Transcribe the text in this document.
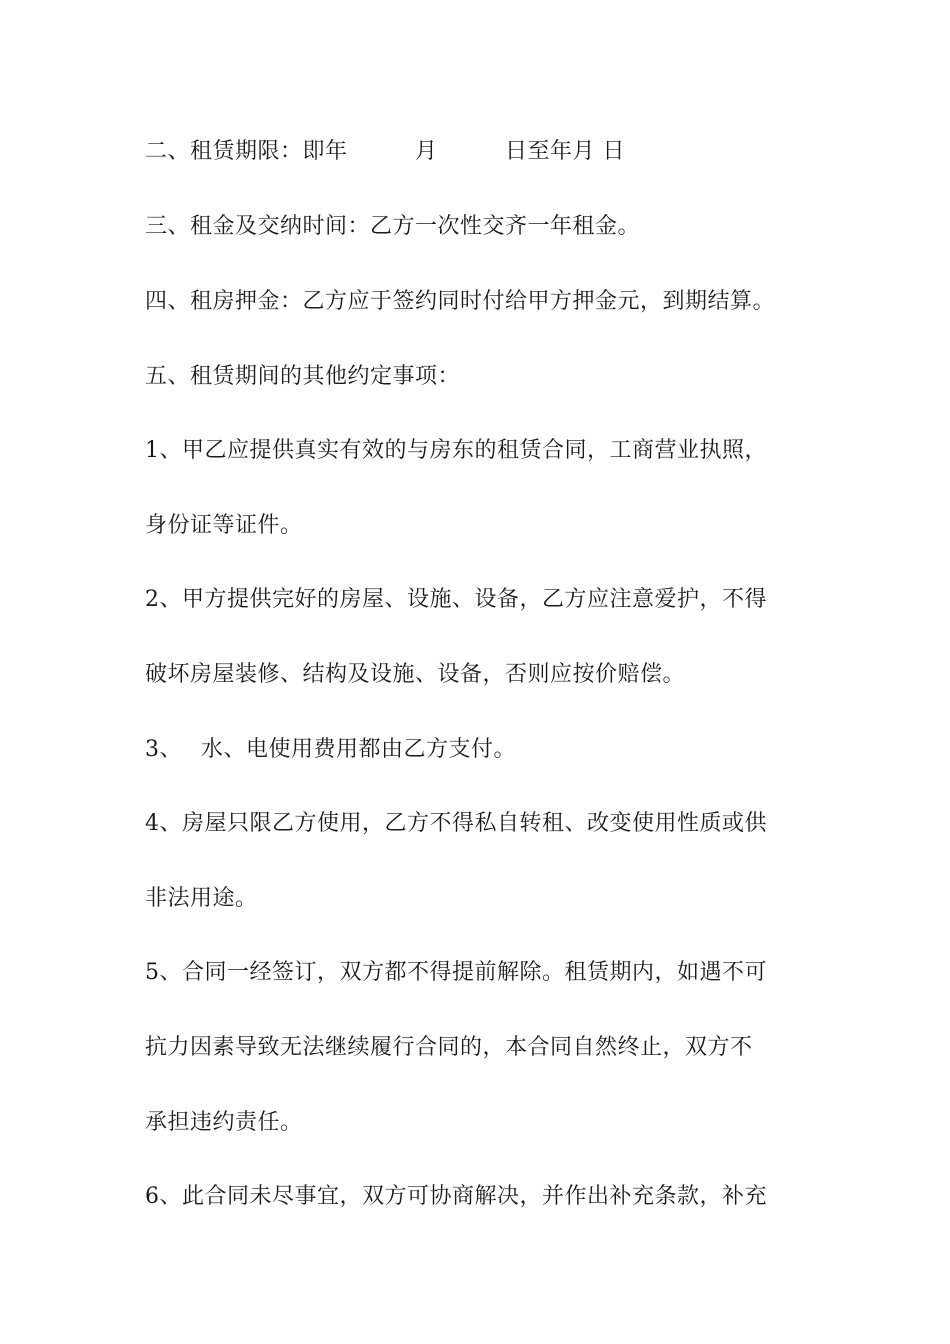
二、租赁期限：即年　　　月　　　日至年月 日
三、租金及交纳时间：乙方一次性交齐一年租金。
四、租房押金：乙方应于签约同时付给甲方押金元，到期结算。
五、租赁期间的其他约定事项：
1、甲乙应提供真实有效的与房东的租赁合同，工商营业执照，
身份证等证件。
2、甲方提供完好的房屋、设施、设备，乙方应注意爱护，不得
破坏房屋装修、结构及设施、设备，否则应按价赔偿。
3、　 水、电使用费用都由乙方支付。
4、房屋只限乙方使用，乙方不得私自转租、改变使用性质或供
非法用途。
5、合同一经签订，双方都不得提前解除。租赁期内，如遇不可
抗力因素导致无法继续履行合同的，本合同自然终止，双方不
承担违约责任。
6、此合同未尽事宜，双方可协商解决，并作出补充条款，补充
